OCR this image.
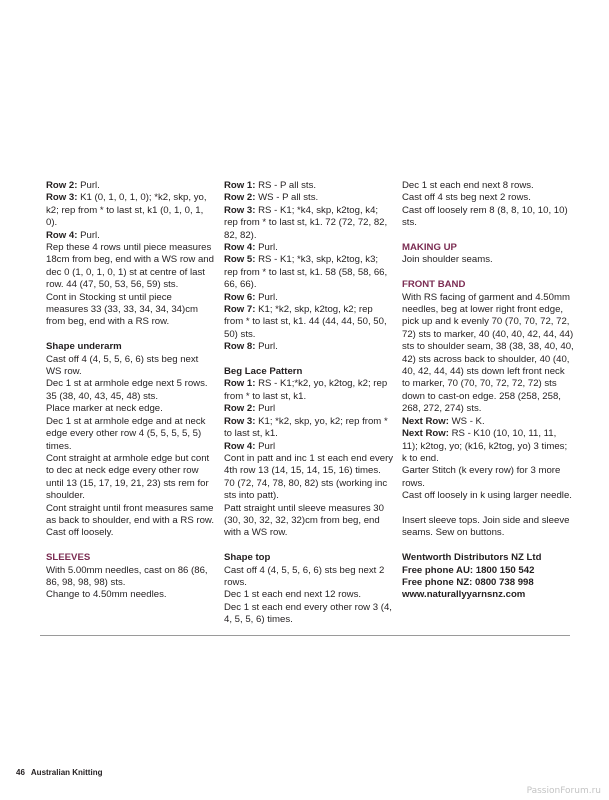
Row 2: Purl.

Row 3: K1 (0, 1, 0, 1, 0); *k2, skp, yo, k2; rep from * to last st, k1 (0, 1, 0, 1, 0).

Row 4: Purl.

Rep these 4 rows until piece measures 18cm from beg, end with a WS row and dec 0 (1, 0, 1, 0, 1) st at centre of last row. 44 (47, 50, 53, 56, 59) sts.

Cont in Stocking st until piece measures 33 (33, 33, 34, 34, 34)cm from beg, end with a RS row.

Shape underarm

Cast off 4 (4, 5, 5, 6, 6) sts beg next WS row.

Dec 1 st at armhole edge next 5 rows. 35 (38, 40, 43, 45, 48) sts.

Place marker at neck edge.

Dec 1 st at armhole edge and at neck edge every other row 4 (5, 5, 5, 5, 5) times.

Cont straight at armhole edge but cont to dec at neck edge every other row until 13 (15, 17, 19, 21, 23) sts rem for shoulder.

Cont straight until front measures same as back to shoulder, end with a RS row.

Cast off loosely.

SLEEVES

With 5.00mm needles, cast on 86 (86, 86, 98, 98, 98) sts.

Change to 4.50mm needles.

Row 1: RS - P all sts.

Row 2: WS - P all sts.

Row 3: RS - K1; *k4, skp, k2tog, k4; rep from * to last st, k1. 72 (72, 72, 82, 82, 82).

Row 4: Purl.

Row 5: RS - K1; *k3, skp, k2tog, k3; rep from * to last st, k1. 58 (58, 58, 66, 66, 66).

Row 6: Purl.

Row 7: K1; *k2, skp, k2tog, k2; rep from * to last st, k1. 44 (44, 44, 50, 50, 50) sts.

Row 8: Purl.

Beg Lace Pattern

Row 1: RS - K1;*k2, yo, k2tog, k2; rep from * to last st, k1.

Row 2: Purl

Row 3: K1; *k2, skp, yo, k2; rep from * to last st, k1.

Row 4: Purl

Cont in patt and inc 1 st each end every 4th row 13 (14, 15, 14, 15, 16) times. 70 (72, 74, 78, 80, 82) sts (working inc sts into patt).

Patt straight until sleeve measures 30 (30, 30, 32, 32, 32)cm from beg, end with a WS row.

Shape top

Cast off 4 (4, 5, 5, 6, 6) sts beg next 2 rows.

Dec 1 st each end next 12 rows.

Dec 1 st each end every other row 3 (4, 4, 5, 5, 6) times.

Dec 1 st each end next 8 rows.

Cast off 4 sts beg next 2 rows.

Cast off loosely rem 8 (8, 8, 10, 10, 10) sts.

MAKING UP

Join shoulder seams.

FRONT BAND

With RS facing of garment and 4.50mm needles, beg at lower right front edge, pick up and k evenly 70 (70, 70, 72, 72, 72) sts to marker, 40 (40, 40, 42, 44, 44) sts to shoulder seam, 38 (38, 38, 40, 40, 42) sts across back to shoulder, 40 (40, 40, 42, 44, 44) sts down left front neck to marker, 70 (70, 70, 72, 72, 72) sts down to cast-on edge. 258 (258, 258, 268, 272, 274) sts.

Next Row: WS - K.

Next Row: RS - K10 (10, 10, 11, 11, 11); k2tog, yo; (k16, k2tog, yo) 3 times; k to end.

Garter Stitch (k every row) for 3 more rows.

Cast off loosely in k using larger needle.

Insert sleeve tops. Join side and sleeve seams. Sew on buttons.

Wentworth Distributors NZ Ltd

Free phone AU: 1800 150 542

Free phone NZ: 0800 738 998

www.naturallyyarnsnz.com

46 Australian Knitting
PassionForum.ru
